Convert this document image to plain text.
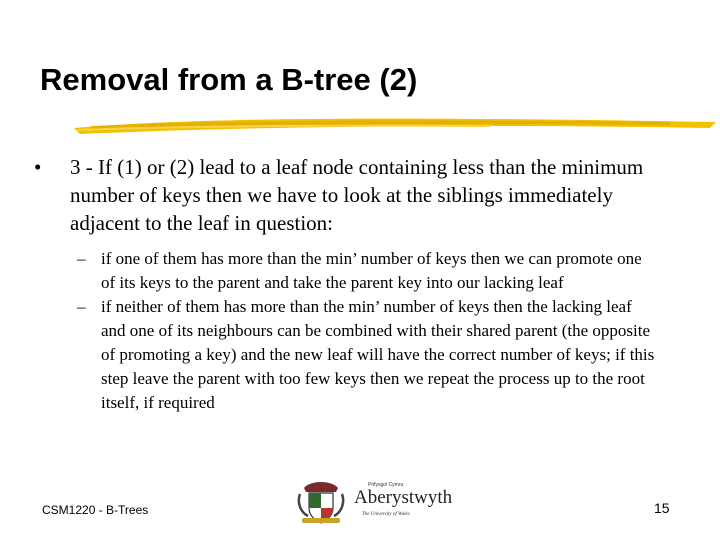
Removal from a B-tree (2)
•	3 - If (1) or (2) lead to a leaf node containing less than the minimum number of keys then we have to look at the siblings immediately adjacent to the leaf in question:
– if one of them has more than the min’ number of keys then we can promote one of its keys to the parent and take the parent key into our lacking leaf
– if neither of them has more than the min’ number of keys then the lacking leaf and one of its neighbours can be combined with their shared parent (the opposite of promoting a key) and the new leaf will have the correct number of keys; if this step leave the parent with too few keys then we repeat the process up to the root itself, if required
CSM1220 - B-Trees
Prifysgol Cymru
Aberystwyth
The University of Wales	15
